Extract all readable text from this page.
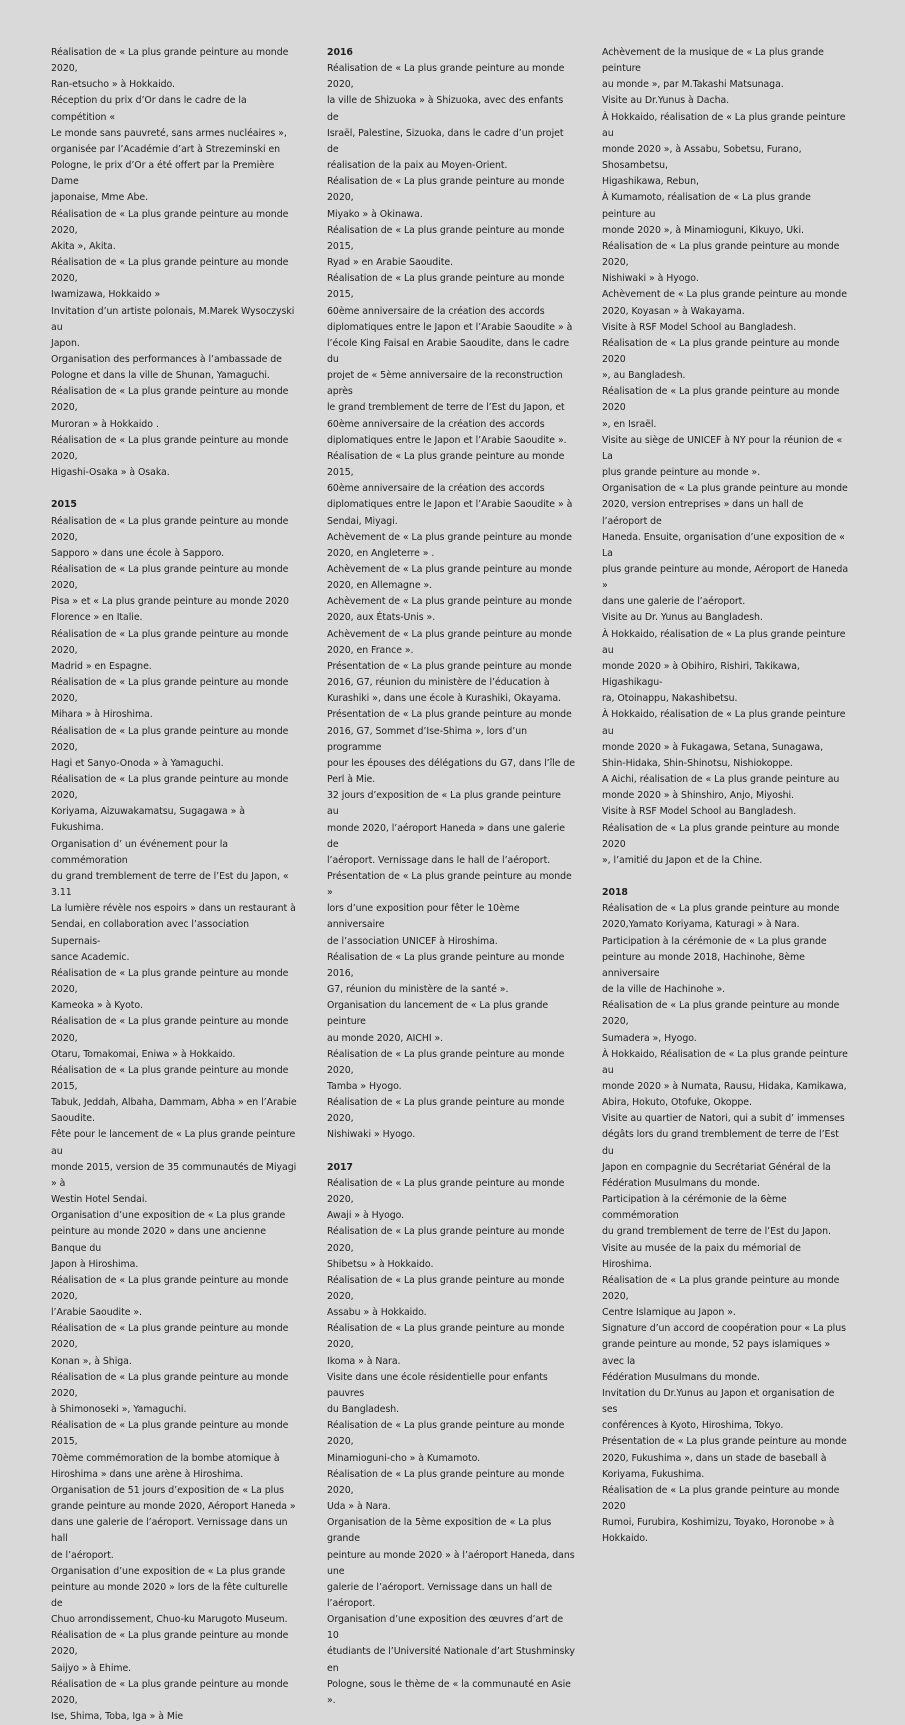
Réalisation de « La plus grande peinture au monde 2020,
Ran-etsucho » à Hokkaido.

Réception du prix d’Or dans le cadre de la compétition «
Le monde sans pauvreté, sans armes nucléaires »,
organisée par l’Académie d’art à Strezeminski en
Pologne, le prix d’Or a été offert par la Première Dame
japonaise, Mme Abe.

Réalisation de « La plus grande peinture au monde 2020,
Akita », Akita.

Réalisation de « La plus grande peinture au monde 2020,
Iwamizawa, Hokkaido »

Invitation d’un artiste polonais, M.Marek Wysoczyski au
Japon.

Organisation des performances à l’ambassade de
Pologne et dans la ville de Shunan, Yamaguchi.

Réalisation de « La plus grande peinture au monde 2020,
Muroran » à Hokkaido .

Réalisation de « La plus grande peinture au monde 2020,
Higashi-Osaka » à Osaka.

2015

Réalisation de « La plus grande peinture au monde 2020,
Sapporo » dans une école à Sapporo.

Réalisation de « La plus grande peinture au monde 2020,
Pisa » et « La plus grande peinture au monde 2020
Florence » en Italie.

Réalisation de « La plus grande peinture au monde 2020,
Madrid » en Espagne.

Réalisation de « La plus grande peinture au monde 2020,
Mihara » à Hiroshima.

Réalisation de « La plus grande peinture au monde 2020,
Hagi et Sanyo-Onoda » à Yamaguchi.

Réalisation de « La plus grande peinture au monde 2020,
Koriyama, Aizuwakamatsu, Sugagawa » à Fukushima.

Organisation d’ un événement pour la commémoration
du grand tremblement de terre de l’Est du Japon, « 3.11
La lumière révèle nos espoirs » dans un restaurant à
Sendai, en collaboration avec l’association Supernais-
sance Academic.

Réalisation de « La plus grande peinture au monde 2020,
Kameoka » à Kyoto.

Réalisation de « La plus grande peinture au monde 2020,
Otaru, Tomakomai, Eniwa » à Hokkaido.

Réalisation de « La plus grande peinture au monde 2015,
Tabuk, Jeddah, Albaha, Dammam, Abha » en l’Arabie
Saoudite.

Fête pour le lancement de « La plus grande peinture au
monde 2015, version de 35 communautés de Miyagi » à
Westin Hotel Sendai.

Organisation d’une exposition de « La plus grande
peinture au monde 2020 » dans une ancienne Banque du
Japon à Hiroshima.

Réalisation de « La plus grande peinture au monde 2020,
l’Arabie Saoudite ».

Réalisation de « La plus grande peinture au monde 2020,
Konan », à Shiga.

Réalisation de « La plus grande peinture au monde 2020,
à Shimonoseki », Yamaguchi.

Réalisation de « La plus grande peinture au monde 2015,
70ème commémoration de la bombe atomique à
Hiroshima » dans une arène à Hiroshima.

Organisation de 51 jours d’exposition de « La plus
grande peinture au monde 2020, Aéroport Haneda »
dans une galerie de l’aéroport. Vernissage dans un hall
de l’aéroport.

Organisation d’une exposition de « La plus grande
peinture au monde 2020 » lors de la fête culturelle de
Chuo arrondissement, Chuo-ku Marugoto Museum.

Réalisation de « La plus grande peinture au monde 2020,
Saijyo » à Ehime.

Réalisation de « La plus grande peinture au monde 2020,
Ise, Shima, Toba, Iga » à Mie

2016

Réalisation de « La plus grande peinture au monde 2020,
la ville de Shizuoka » à Shizuoka, avec des enfants de
Israël, Palestine, Sizuoka, dans le cadre d’un projet de
réalisation de la paix au Moyen-Orient.

Réalisation de « La plus grande peinture au monde 2020,
Miyako » à Okinawa.

Réalisation de « La plus grande peinture au monde 2015,
Ryad » en Arabie Saoudite.

Réalisation de « La plus grande peinture au monde 2015,
60ème anniversaire de la création des accords
diplomatiques entre le Japon et l’Arabie Saoudite » à
l’école King Faisal en Arabie Saoudite, dans le cadre du
projet de « 5ème anniversaire de la reconstruction après
le grand tremblement de terre de l’Est du Japon, et
60ème anniversaire de la création des accords
diplomatiques entre le Japon et l’Arabie Saoudite ».

Réalisation de « La plus grande peinture au monde 2015,
60ème anniversaire de la création des accords
diplomatiques entre le Japon et l’Arabie Saoudite » à
Sendai, Miyagi.

Achèvement de « La plus grande peinture au monde
2020, en Angleterre » .

Achèvement de « La plus grande peinture au monde
2020, en Allemagne ».

Achèvement de « La plus grande peinture au monde
2020, aux États-Unis ».

Achèvement de « La plus grande peinture au monde
2020, en France ».

Présentation de « La plus grande peinture au monde
2016, G7, réunion du ministère de l’éducation à
Kurashiki », dans une école à Kurashiki, Okayama.

Présentation de « La plus grande peinture au monde
2016, G7, Sommet d’Ise-Shima », lors d’un programme
pour les épouses des délégations du G7, dans l’île de
Perl à Mie.

32 jours d’exposition de « La plus grande peinture au
monde 2020, l’aéroport Haneda » dans une galerie de
l’aéroport. Vernissage dans le hall de l’aéroport.

Présentation de « La plus grande peinture au monde »
lors d’une exposition pour fêter le 10ème anniversaire
de l’association UNICEF à Hiroshima.

Réalisation de « La plus grande peinture au monde 2016,
G7, réunion du ministère de la santé ».

Organisation du lancement de « La plus grande peinture
au monde 2020, AICHI ».

Réalisation de « La plus grande peinture au monde 2020,
Tamba » Hyogo.

Réalisation de « La plus grande peinture au monde 2020,
Nishiwaki » Hyogo.

2017

Réalisation de « La plus grande peinture au monde 2020,
Awaji » à Hyogo.

Réalisation de « La plus grande peinture au monde 2020,
Shibetsu » à Hokkaido.

Réalisation de « La plus grande peinture au monde 2020,
Assabu » à Hokkaido.

Réalisation de « La plus grande peinture au monde 2020,
Ikoma » à Nara.

Visite dans une école résidentielle pour enfants pauvres
du Bangladesh.

Réalisation de « La plus grande peinture au monde 2020,
Minamioguni-cho » à Kumamoto.

Réalisation de « La plus grande peinture au monde 2020,
Uda » à Nara.

Organisation de la 5ème exposition de « La plus grande
peinture au monde 2020 » à l’aéroport Haneda, dans une
galerie de l’aéroport. Vernissage dans un hall de
l’aéroport.

Organisation d’une exposition des œuvres d’art de 10
étudiants de l’Université Nationale d’art Stushminsky en
Pologne, sous le thème de « la communauté en Asie ».

Achèvement de la musique de « La plus grande peinture
au monde », par M.Takashi Matsunaga.

Visite au Dr.Yunus à Dacha.

À Hokkaido, réalisation de « La plus grande peinture au
monde 2020 », à Assabu, Sobetsu, Furano, Shosambetsu,
Higashikawa, Rebun,

À Kumamoto, réalisation de « La plus grande peinture au
monde 2020 », à Minamioguni, Kikuyo, Uki.

Réalisation de « La plus grande peinture au monde 2020,
Nishiwaki » à Hyogo.

Achèvement de « La plus grande peinture au monde
2020, Koyasan » à Wakayama.

Visite à RSF Model School au Bangladesh.

Réalisation de « La plus grande peinture au monde 2020
», au Bangladesh.

Réalisation de « La plus grande peinture au monde 2020
», en Israël.

Visite au siège de UNICEF à NY pour la réunion de « La
plus grande peinture au monde ».

Organisation de « La plus grande peinture au monde
2020, version entreprises » dans un hall de l’aéroport de
Haneda. Ensuite, organisation d’une exposition de « La
plus grande peinture au monde, Aéroport de Haneda »
dans une galerie de l’aéroport.

Visite au Dr. Yunus au Bangladesh.

À Hokkaido, réalisation de « La plus grande peinture au
monde 2020 » à Obihiro, Rishiri, Takikawa, Higashikagu-
ra, Otoinappu, Nakashibetsu.

À Hokkaido, réalisation de « La plus grande peinture au
monde 2020 » à Fukagawa, Setana, Sunagawa,
Shin-Hidaka, Shin-Shinotsu, Nishiokoppe.

A Aichi, réalisation de « La plus grande peinture au
monde 2020 » à Shinshiro, Anjo, Miyoshi.

Visite à RSF Model School au Bangladesh.

Réalisation de « La plus grande peinture au monde 2020
», l’amitié du Japon et de la Chine.

2018

Réalisation de « La plus grande peinture au monde
2020,Yamato Koriyama, Katuragi » à Nara.

Participation à la cérémonie de « La plus grande
peinture au monde 2018, Hachinohe, 8ème anniversaire
de la ville de Hachinohe ».

Réalisation de « La plus grande peinture au monde 2020,
Sumadera », Hyogo.

À Hokkaido, Réalisation de « La plus grande peinture au
monde 2020 » à Numata, Rausu, Hidaka, Kamikawa,
Abira, Hokuto, Otofuke, Okoppe.

Visite au quartier de Natori, qui a subit d’ immenses
dégâts lors du grand tremblement de terre de l’Est du
Japon en compagnie du Secrétariat Général de la
Fédération Musulmans du monde.

Participation à la cérémonie de la 6ème commémoration
du grand tremblement de terre de l’Est du Japon.

Visite au musée de la paix du mémorial de Hiroshima.

Réalisation de « La plus grande peinture au monde 2020,
Centre Islamique au Japon ».

Signature d’un accord de coopération pour « La plus
grande peinture au monde, 52 pays islamiques » avec la
Fédération Musulmans du monde.

Invitation du Dr.Yunus au Japon et organisation de ses
conférences à Kyoto, Hiroshima, Tokyo.

Présentation de « La plus grande peinture au monde
2020, Fukushima », dans un stade de baseball à
Koriyama, Fukushima.

Réalisation de « La plus grande peinture au monde 2020
Rumoi, Furubira, Koshimizu, Toyako, Horonobe » à
Hokkaido.
